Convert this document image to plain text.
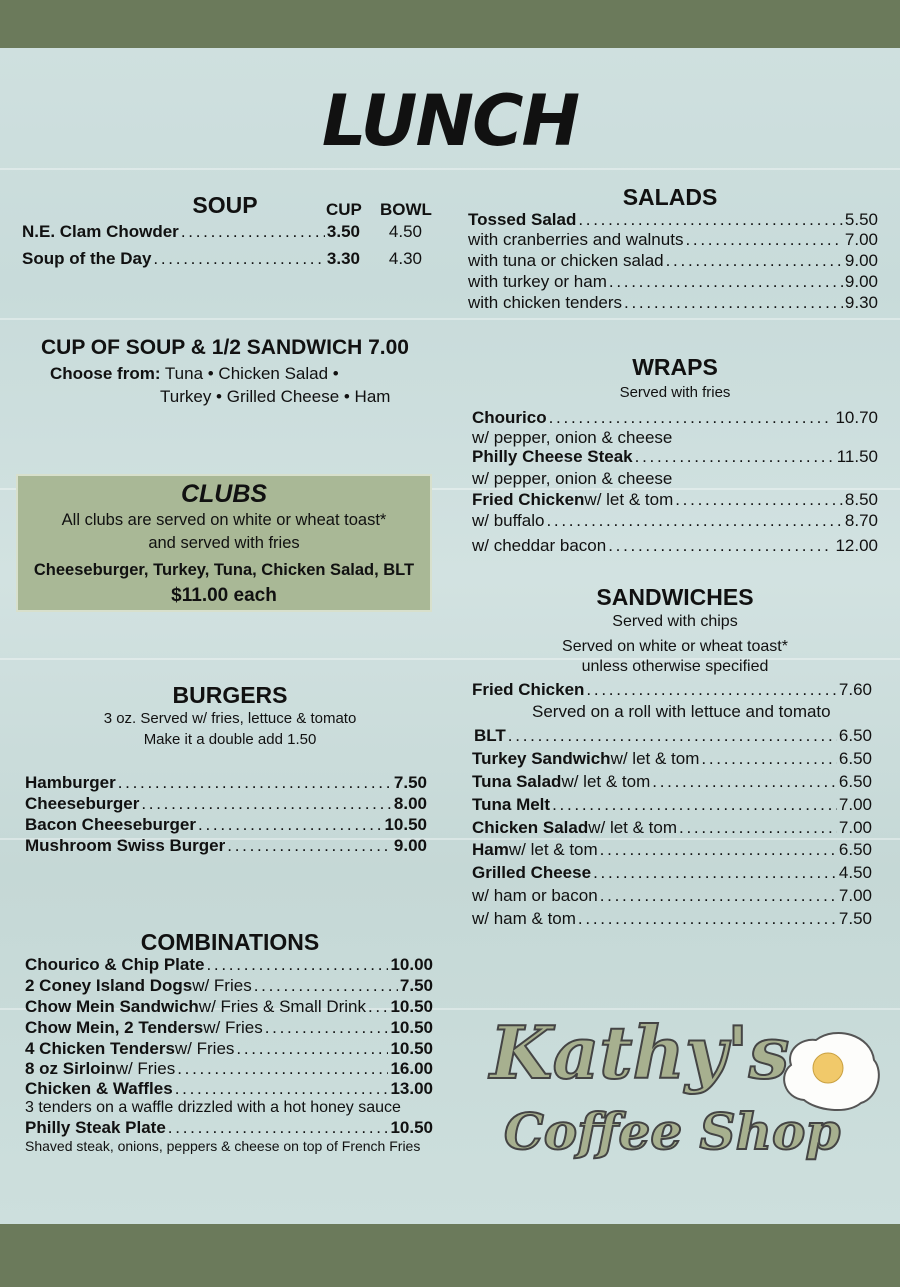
LUNCH
SOUP	CUP BOWL
N.E. Clam Chowder . . .	3.50	4.50
Soup of the Day . . .	3.30	4.30
CUP OF SOUP & 1/2 SANDWICH 7.00
Choose from: Tuna • Chicken Salad •
Turkey • Grilled Cheese • Ham
CLUBS
All clubs are served on white or wheat toast*
and served with fries
Cheeseburger, Turkey, Tuna, Chicken Salad, BLT
$11.00 each
BURGERS
3 oz. Served w/ fries, lettuce & tomato
Make it a double add 1.50
Hamburger . . .	7.50
Cheeseburger . . .	8.00
Bacon Cheeseburger . . .	10.50
Mushroom Swiss Burger . . .	9.00
COMBINATIONS
Chourico & Chip Plate . . .	10.00
2 Coney Island Dogs w/ Fries . . .	7.50
Chow Mein Sandwich w/ Fries & Small Drink . . . 10.50
Chow Mein, 2 Tenders w/ Fries . . .	10.50
4 Chicken Tenders w/ Fries . . .	10.50
8 oz Sirloin w/ Fries . . .	16.00
Chicken & Waffles . . .	13.00
3 tenders on a waffle drizzled with a hot honey sauce
Philly Steak Plate . . .	10.50
Shaved steak, onions, peppers & cheese on top of French Fries
SALADS
Tossed Salad . . .	5.50
with cranberries and walnuts . . .	7.00
with tuna or chicken salad . . .	9.00
with turkey or ham . . .	9.00
with chicken tenders . . .	9.30
WRAPS
Served with fries
Chourico . . .	10.70
w/ pepper, onion & cheese
Philly Cheese Steak . . .	11.50
w/ pepper, onion & cheese
Fried Chicken w/ let & tom . . .	8.50
w/ buffalo . . .	8.70
w/ cheddar bacon . . .	12.00
SANDWICHES
Served with chips
Served on white or wheat toast*
unless otherwise specified
Fried Chicken . . .	7.60
Served on a roll with lettuce and tomato
BLT . . .	6.50
Turkey Sandwich w/ let & tom . . .	6.50
Tuna Salad w/ let & tom . . .	6.50
Tuna Melt . . .	7.00
Chicken Salad w/ let & tom . . .	7.00
Ham w/ let & tom . . .	6.50
Grilled Cheese . . .	4.50
w/ ham or bacon . . .	7.00
w/ ham & tom . . .	7.50
Kathy's
Coffee Shop
